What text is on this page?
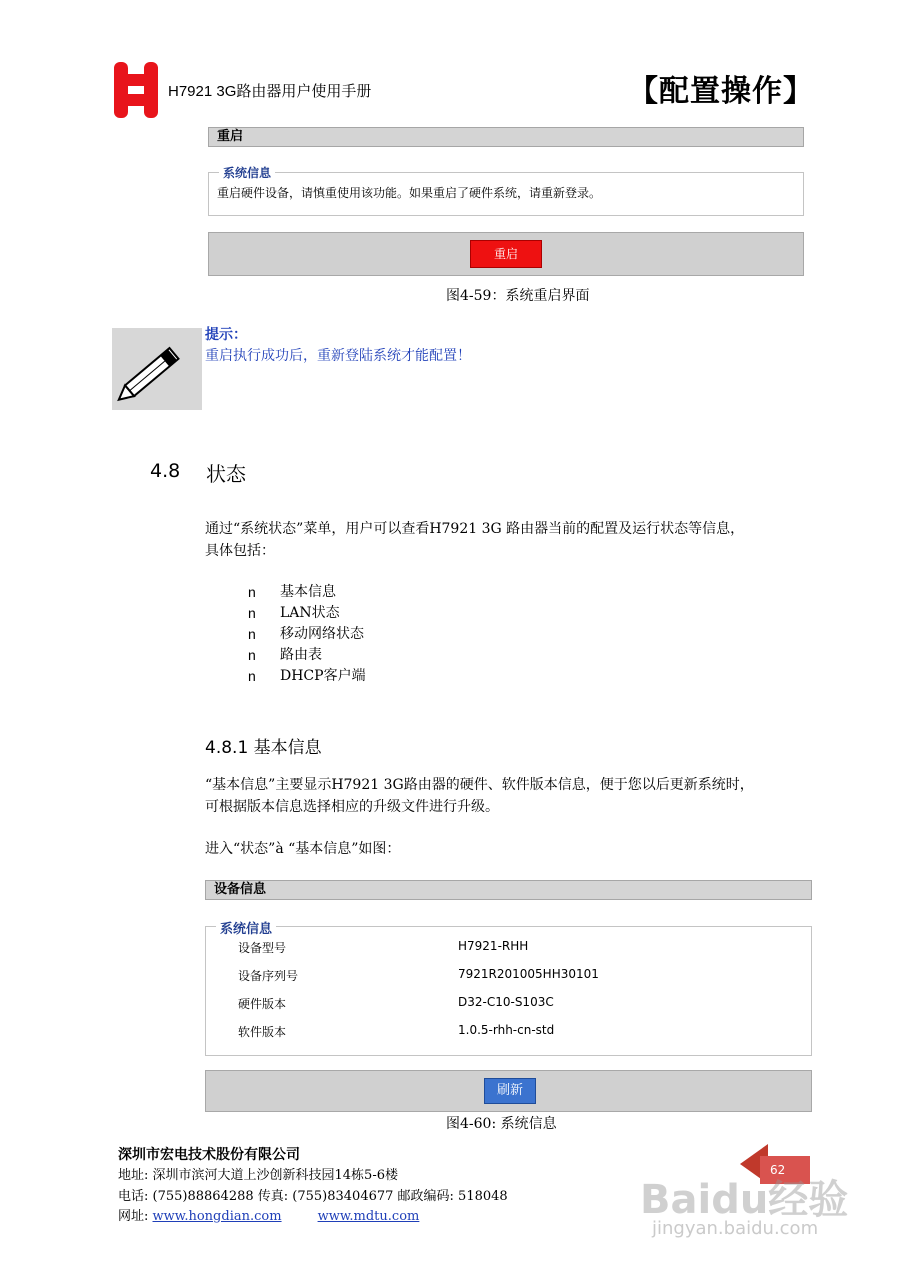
H7921 3G路由器用户使用手册	【配置操作】
重启
系统信息
重启硬件设备，请慎重使用该功能。如果重启了硬件系统，请重新登录。
重启
图4-59：系统重启界面
提示：
重启执行成功后，重新登陆系统才能配置！
4.8 状态
通过“系统状态”菜单，用户可以查看H7921 3G 路由器当前的配置及运行状态等信息，
具体包括：
n 基本信息
n LAN状态
n 移动网络状态
n 路由表
n DHCP客户端
4.8.1 基本信息
“基本信息”主要显示H7921 3G路由器的硬件、软件版本信息，便于您以后更新系统时，
可根据版本信息选择相应的升级文件进行升级。
进入“状态”à “基本信息”如图：
设备信息
系统信息
设备型号	H7921-RHH
设备序列号	7921R201005HH30101
硬件版本	D32-C10-S103C
软件版本	1.0.5-rhh-cn-std
刷新
图4-60: 系统信息
深圳市宏电技术股份有限公司
地址: 深圳市滨河大道上沙创新科技园14栋5-6楼
电话: (755)88864288 传真: (755)83404677 邮政编码: 518048
网址: www.hongdian.com	www.mdtu.com
62
Baidu经验
jingyan.baidu.com
